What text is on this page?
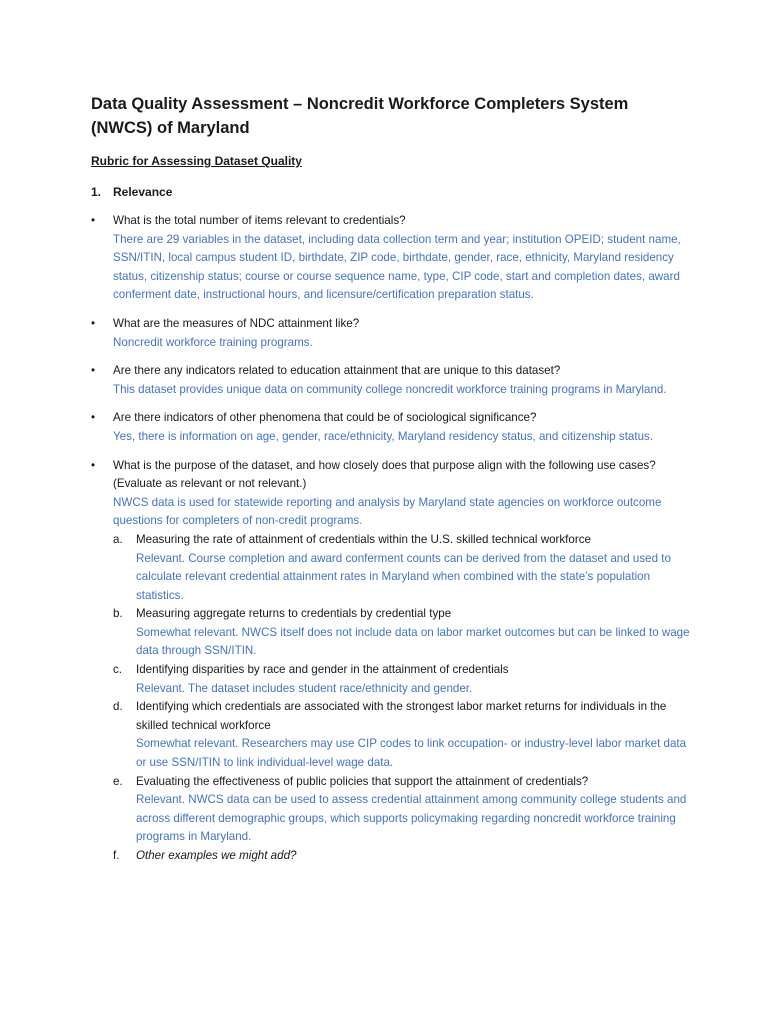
Data Quality Assessment – Noncredit Workforce Completers System (NWCS) of Maryland
Rubric for Assessing Dataset Quality
1. Relevance
• What is the total number of items relevant to credentials?
There are 29 variables in the dataset, including data collection term and year; institution OPEID; student name, SSN/ITIN, local campus student ID, birthdate, ZIP code, birthdate, gender, race, ethnicity, Maryland residency status, citizenship status; course or course sequence name, type, CIP code, start and completion dates, award conferment date, instructional hours, and licensure/certification preparation status.
• What are the measures of NDC attainment like?
Noncredit workforce training programs.
• Are there any indicators related to education attainment that are unique to this dataset?
This dataset provides unique data on community college noncredit workforce training programs in Maryland.
• Are there indicators of other phenomena that could be of sociological significance?
Yes, there is information on age, gender, race/ethnicity, Maryland residency status, and citizenship status.
• What is the purpose of the dataset, and how closely does that purpose align with the following use cases? (Evaluate as relevant or not relevant.)
NWCS data is used for statewide reporting and analysis by Maryland state agencies on workforce outcome questions for completers of non-credit programs.
a. Measuring the rate of attainment of credentials within the U.S. skilled technical workforce
Relevant. Course completion and award conferment counts can be derived from the dataset and used to calculate relevant credential attainment rates in Maryland when combined with the state’s population statistics.
b. Measuring aggregate returns to credentials by credential type
Somewhat relevant. NWCS itself does not include data on labor market outcomes but can be linked to wage data through SSN/ITIN.
c. Identifying disparities by race and gender in the attainment of credentials
Relevant. The dataset includes student race/ethnicity and gender.
d. Identifying which credentials are associated with the strongest labor market returns for individuals in the skilled technical workforce
Somewhat relevant. Researchers may use CIP codes to link occupation- or industry-level labor market data or use SSN/ITIN to link individual-level wage data.
e. Evaluating the effectiveness of public policies that support the attainment of credentials?
Relevant. NWCS data can be used to assess credential attainment among community college students and across different demographic groups, which supports policymaking regarding noncredit workforce training programs in Maryland.
f. Other examples we might add?
